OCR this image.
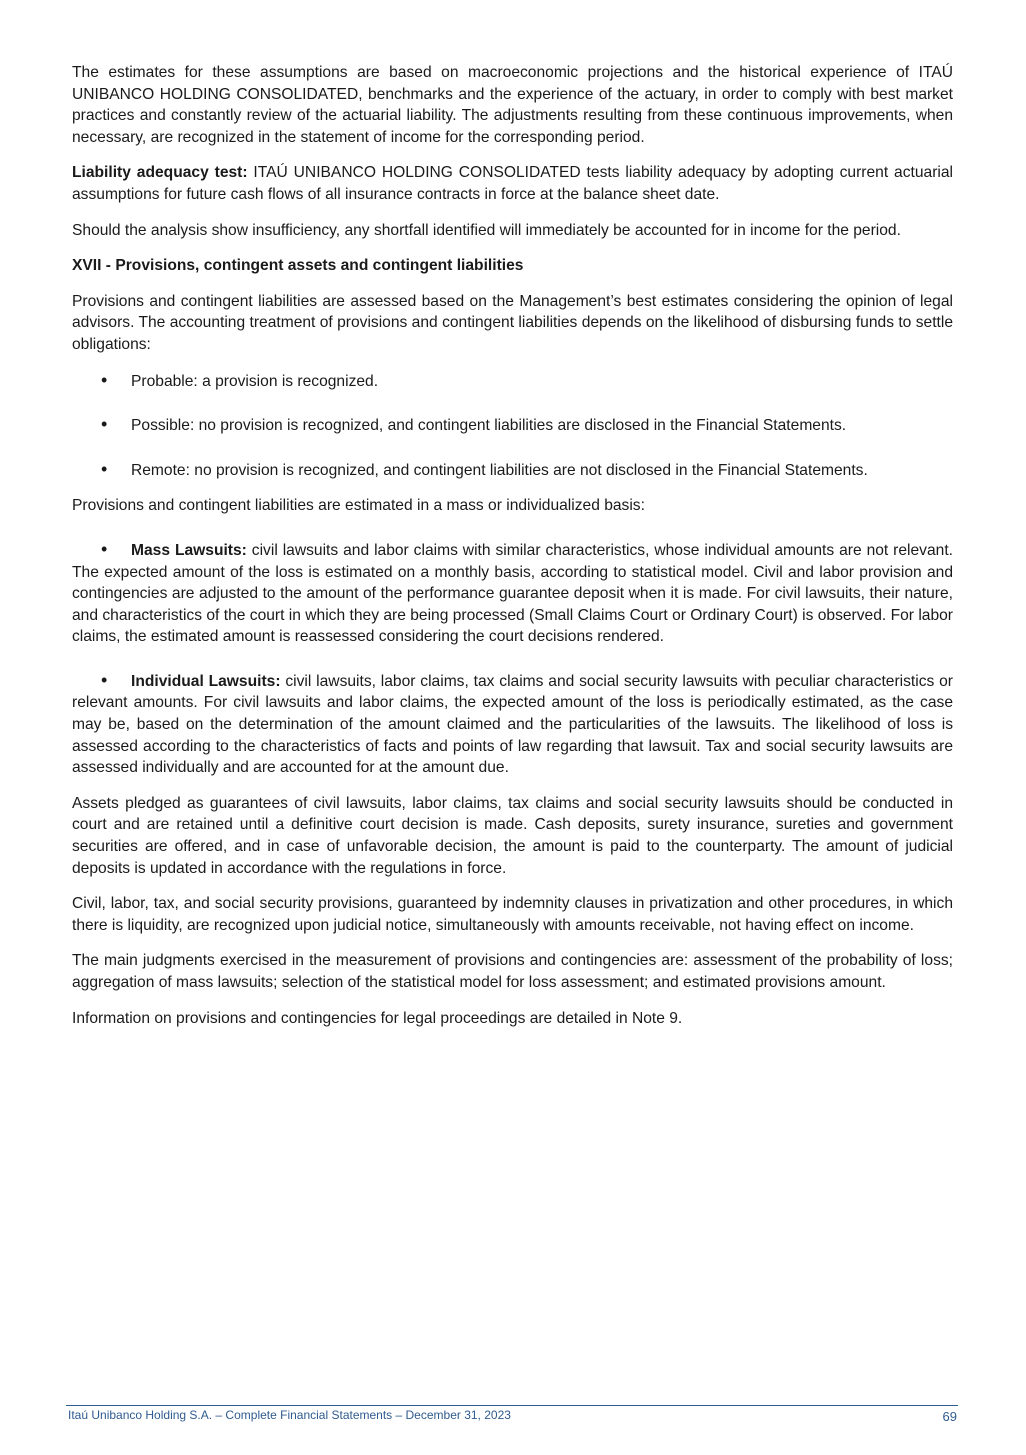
The estimates for these assumptions are based on macroeconomic projections and the historical experience of ITAÚ UNIBANCO HOLDING CONSOLIDATED, benchmarks and the experience of the actuary, in order to comply with best market practices and constantly review of the actuarial liability. The adjustments resulting from these continuous improvements, when necessary, are recognized in the statement of income for the corresponding period.

Liability adequacy test: ITAÚ UNIBANCO HOLDING CONSOLIDATED tests liability adequacy by adopting current actuarial assumptions for future cash flows of all insurance contracts in force at the balance sheet date.

Should the analysis show insufficiency, any shortfall identified will immediately be accounted for in income for the period.

XVII - Provisions, contingent assets and contingent liabilities

Provisions and contingent liabilities are assessed based on the Management’s best estimates considering the opinion of legal advisors. The accounting treatment of provisions and contingent liabilities depends on the likelihood of disbursing funds to settle obligations:

• Probable: a provision is recognized.
• Possible: no provision is recognized, and contingent liabilities are disclosed in the Financial Statements.
• Remote: no provision is recognized, and contingent liabilities are not disclosed in the Financial Statements.

Provisions and contingent liabilities are estimated in a mass or individualized basis:

• Mass Lawsuits: civil lawsuits and labor claims with similar characteristics, whose individual amounts are not relevant. The expected amount of the loss is estimated on a monthly basis, according to statistical model. Civil and labor provision and contingencies are adjusted to the amount of the performance guarantee deposit when it is made. For civil lawsuits, their nature, and characteristics of the court in which they are being processed (Small Claims Court or Ordinary Court) is observed. For labor claims, the estimated amount is reassessed considering the court decisions rendered.
• Individual Lawsuits: civil lawsuits, labor claims, tax claims and social security lawsuits with peculiar characteristics or relevant amounts. For civil lawsuits and labor claims, the expected amount of the loss is periodically estimated, as the case may be, based on the determination of the amount claimed and the particularities of the lawsuits. The likelihood of loss is assessed according to the characteristics of facts and points of law regarding that lawsuit. Tax and social security lawsuits are assessed individually and are accounted for at the amount due.

Assets pledged as guarantees of civil lawsuits, labor claims, tax claims and social security lawsuits should be conducted in court and are retained until a definitive court decision is made. Cash deposits, surety insurance, sureties and government securities are offered, and in case of unfavorable decision, the amount is paid to the counterparty. The amount of judicial deposits is updated in accordance with the regulations in force.

Civil, labor, tax, and social security provisions, guaranteed by indemnity clauses in privatization and other procedures, in which there is liquidity, are recognized upon judicial notice, simultaneously with amounts receivable, not having effect on income.

The main judgments exercised in the measurement of provisions and contingencies are: assessment of the probability of loss; aggregation of mass lawsuits; selection of the statistical model for loss assessment; and estimated provisions amount.

Information on provisions and contingencies for legal proceedings are detailed in Note 9.

Itaú Unibanco Holding S.A. – Complete Financial Statements – December 31, 2023	69
